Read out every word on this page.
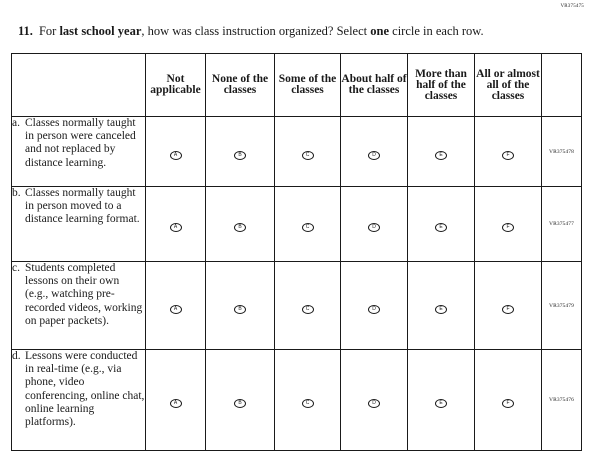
VR375475
11. For last school year, how was class instruction organized? Select one circle in each row.
	Not applicable	None of the classes	Some of the classes	About half of the classes	More than half of the classes	All or almost all of the classes	

a. Classes normally taught in person were canceled and not replaced by distance learning.	A	B	C	D	E	F	VR375478

b. Classes normally taught in person moved to a distance learning format.	A	B	C	D	E	F	VR375477

c. Students completed lessons on their own (e.g., watching pre-recorded videos, working on paper packets).	A	B	C	D	E	F	VR375479

d. Lessons were conducted in real-time (e.g., via phone, video conferencing, online chat, online learning platforms).	A	B	C	D	E	F	VR375476
